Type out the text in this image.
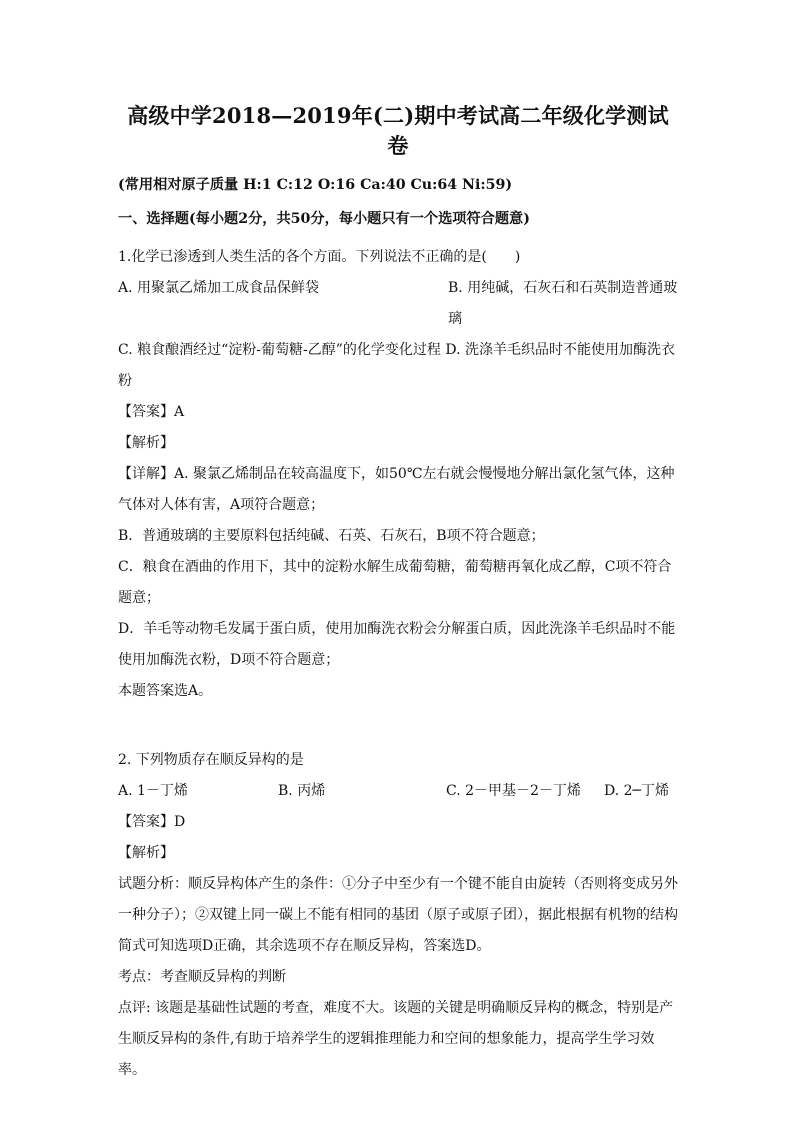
高级中学2018—2019年(二)期中考试高二年级化学测试卷
(常用相对原子质量 H:1 C:12 O:16 Ca:40 Cu:64 Ni:59)
一、选择题(每小题2分，共50分，每小题只有一个选项符合题意)
1.化学已渗透到人类生活的各个方面。下列说法不正确的是(　　)
A. 用聚氯乙烯加工成食品保鲜袋	B. 用纯碱，石灰石和石英制造普通玻璃
C. 粮食酿酒经过“淀粉-葡萄糖-乙醇”的化学变化过程 D. 洗涤羊毛织品时不能使用加酶洗衣粉
【答案】A
【解析】
【详解】A. 聚氯乙烯制品在较高温度下，如50℃左右就会慢慢地分解出氯化氢气体，这种气体对人体有害，A项符合题意；
B．普通玻璃的主要原料包括纯碱、石英、石灰石，B项不符合题意；
C．粮食在酒曲的作用下，其中的淀粉水解生成葡萄糖，葡萄糖再氧化成乙醇，C项不符合题意；
D．羊毛等动物毛发属于蛋白质，使用加酶洗衣粉会分解蛋白质，因此洗涤羊毛织品时不能使用加酶洗衣粉，D项不符合题意；
本题答案选A。
2. 下列物质存在顺反异构的是
A. 1－丁烯	B. 丙烯	C. 2－甲基－2－丁烯	D. 2─丁烯
【答案】D
【解析】
试题分析：顺反异构体产生的条件：①分子中至少有一个键不能自由旋转（否则将变成另外一种分子）；②双键上同一碳上不能有相同的基团（原子或原子团），据此根据有机物的结构简式可知选项D正确，其余选项不存在顺反异构，答案选D。
考点：考查顺反异构的判断
点评: 该题是基础性试题的考查，难度不大。该题的关键是明确顺反异构的概念，特别是产生顺反异构的条件,有助于培养学生的逻辑推理能力和空间的想象能力，提高学生学习效率。
